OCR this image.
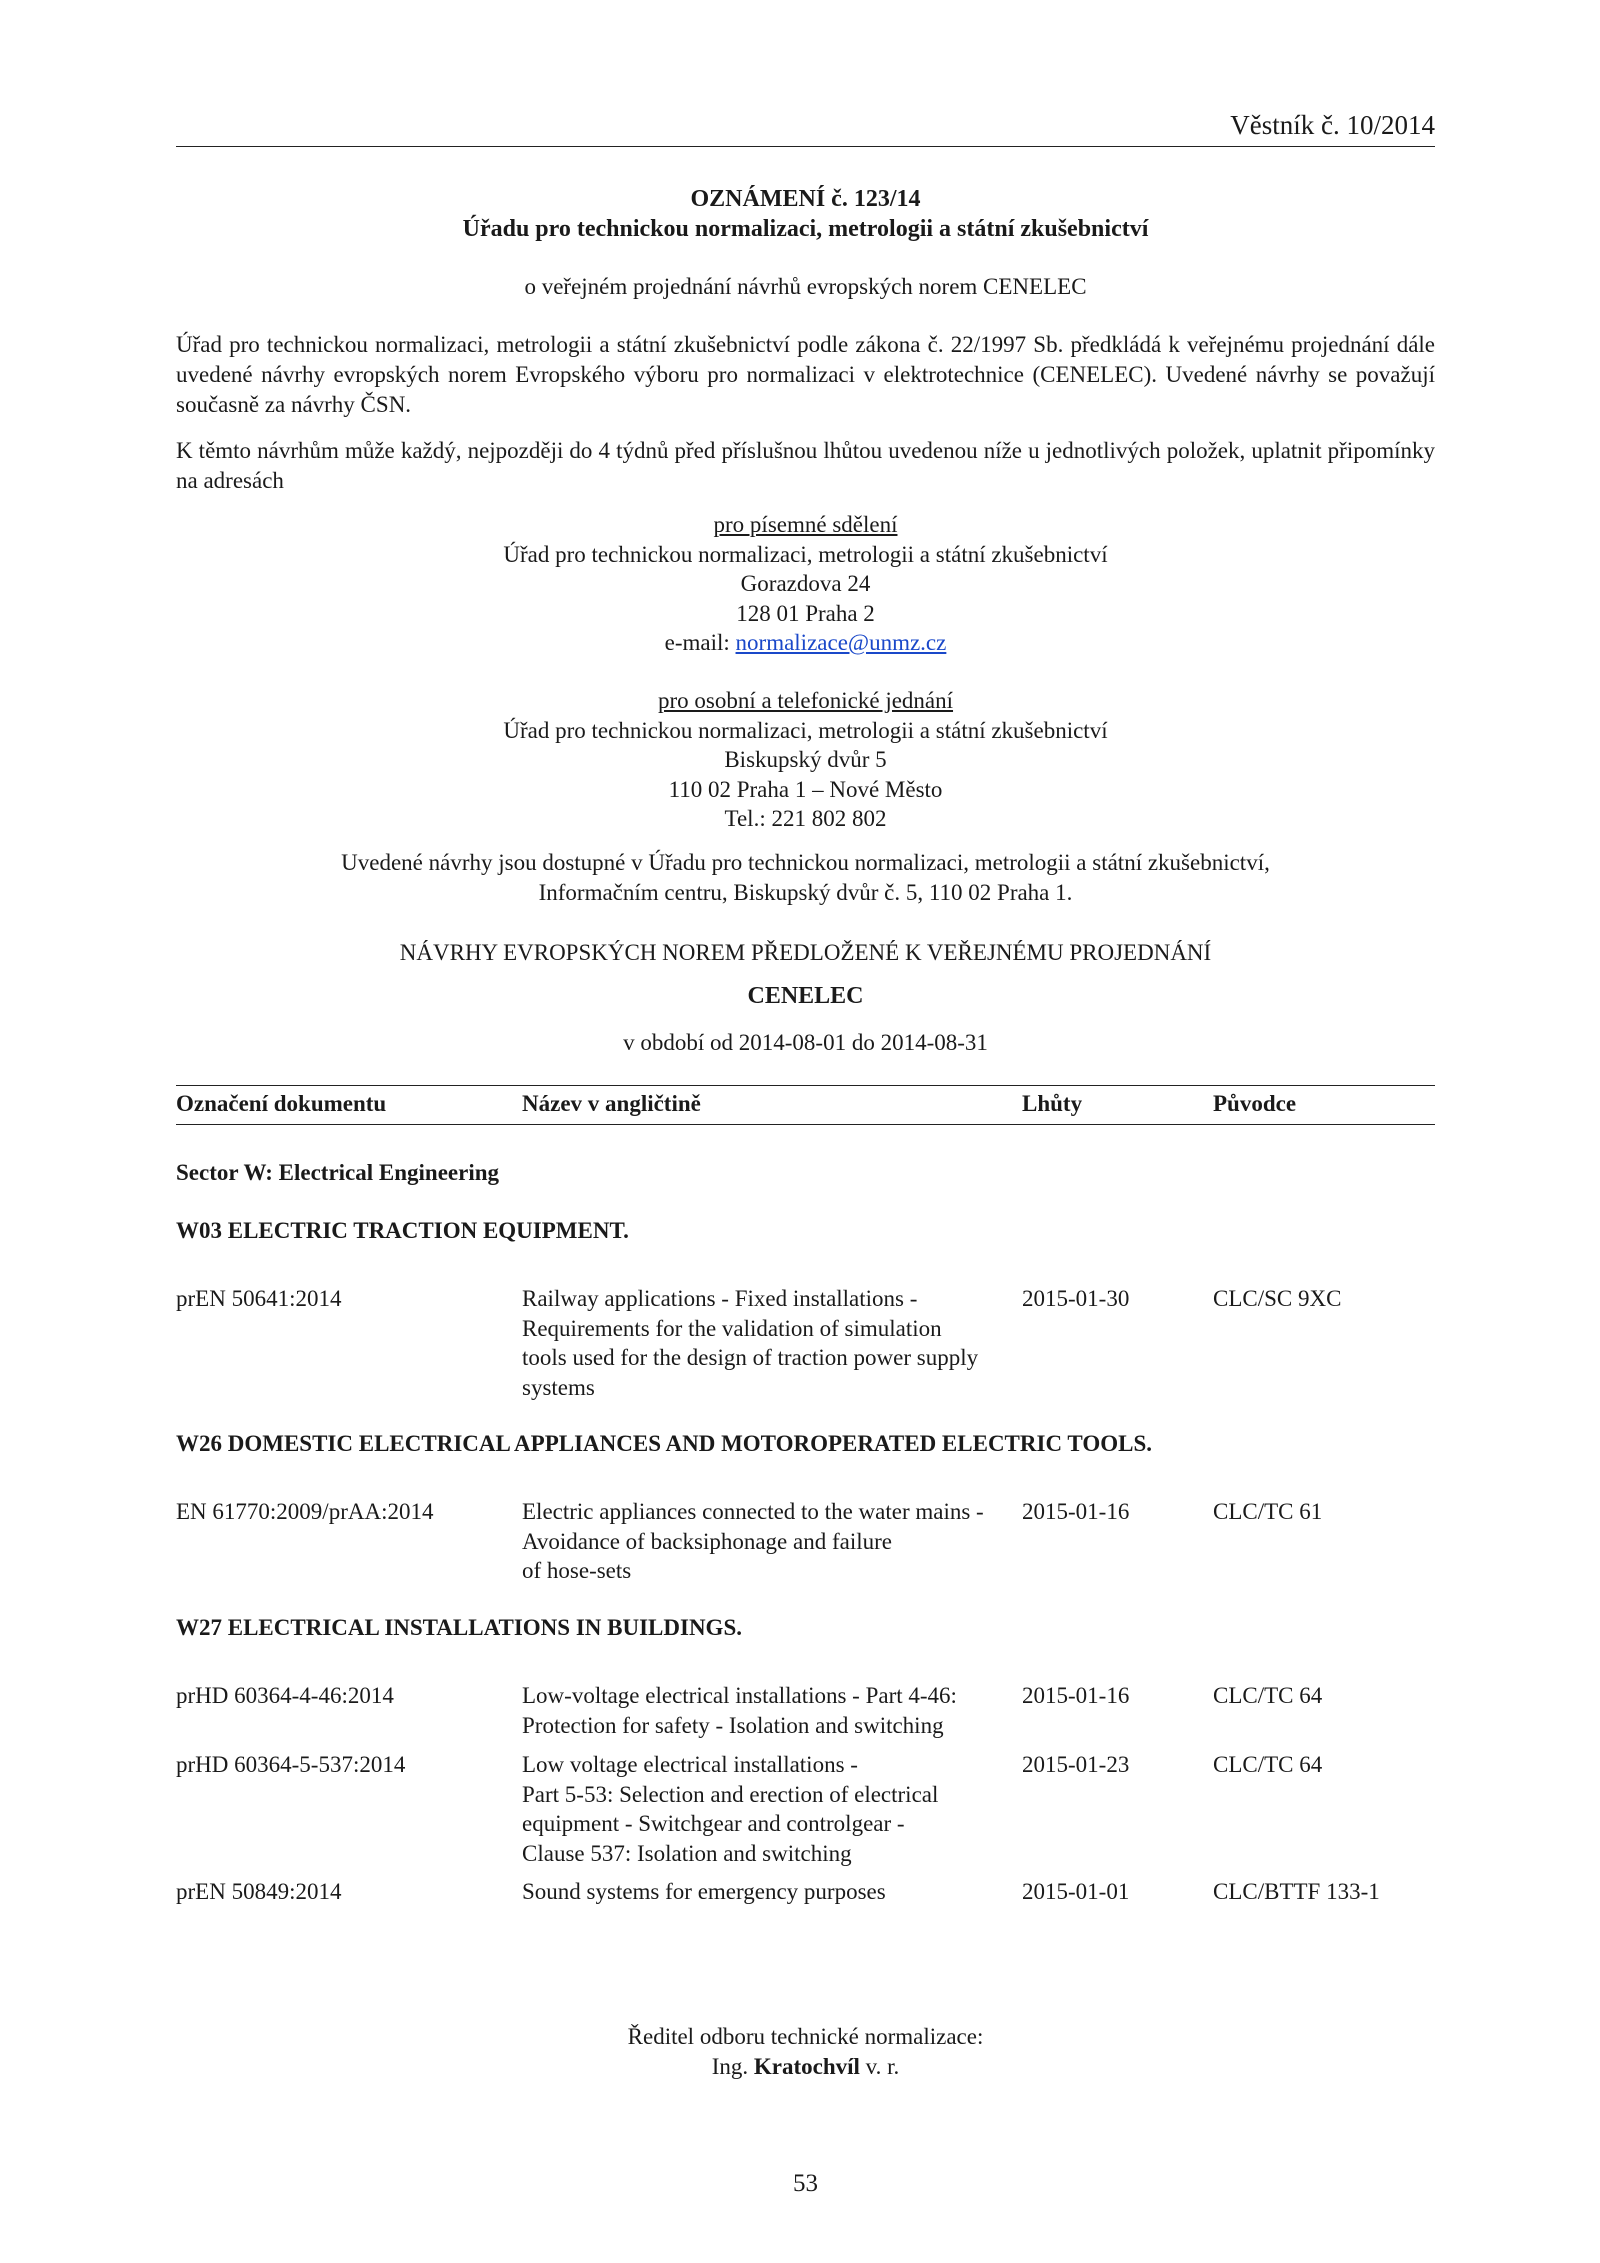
Věstník č. 10/2014
OZNÁMENÍ č. 123/14
Úřadu pro technickou normalizaci, metrologii a státní zkušebnictví
o veřejném projednání návrhů evropských norem CENELEC
Úřad pro technickou normalizaci, metrologii a státní zkušebnictví podle zákona č. 22/1997 Sb. předkládá k veřejnému projednání dále uvedené návrhy evropských norem Evropského výboru pro normalizaci v elektrotechnice (CENELEC). Uvedené návrhy se považují současně za návrhy ČSN.
K těmto návrhům může každý, nejpozději do 4 týdnů před příslušnou lhůtou uvedenou níže u jednotlivých položek, uplatnit připomínky na adresách
pro písemné sdělení
Úřad pro technickou normalizaci, metrologii a státní zkušebnictví
Gorazdova 24
128 01 Praha 2
e-mail: normalizace@unmz.cz
pro osobní a telefonické jednání
Úřad pro technickou normalizaci, metrologii a státní zkušebnictví
Biskupský dvůr 5
110 02 Praha 1 – Nové Město
Tel.: 221 802 802
Uvedené návrhy jsou dostupné v Úřadu pro technickou normalizaci, metrologii a státní zkušebnictví,
Informačním centru, Biskupský dvůr č. 5, 110 02 Praha 1.
NÁVRHY EVROPSKÝCH NOREM PŘEDLOŽENÉ K VEŘEJNÉMU PROJEDNÁNÍ
CENELEC
v období od 2014-08-01 do 2014-08-31
Označení dokumentu	Název v angličtině	Lhůty	Původce
Sector W: Electrical Engineering
W03 ELECTRIC TRACTION EQUIPMENT.
prEN 50641:2014	Railway applications - Fixed installations -
Requirements for the validation of simulation
tools used for the design of traction power supply
systems
2015-01-30	CLC/SC 9XC
W26 DOMESTIC ELECTRICAL APPLIANCES AND MOTOROPERATED ELECTRIC TOOLS.
EN 61770:2009/prAA:2014	Electric appliances connected to the water mains -
Avoidance of backsiphonage and failure
of hose-sets
2015-01-16	CLC/TC 61
W27 ELECTRICAL INSTALLATIONS IN BUILDINGS.
prHD 60364-4-46:2014	Low-voltage electrical installations - Part 4-46:
Protection for safety - Isolation and switching
2015-01-16	CLC/TC 64
prHD 60364-5-537:2014	Low voltage electrical installations -
Part 5-53: Selection and erection of electrical
equipment - Switchgear and controlgear -
Clause 537: Isolation and switching
2015-01-23	CLC/TC 64
prEN 50849:2014	Sound systems for emergency purposes	2015-01-01	CLC/BTTF 133-1
Ředitel odboru technické normalizace:
Ing. Kratochvíl v. r.
53
